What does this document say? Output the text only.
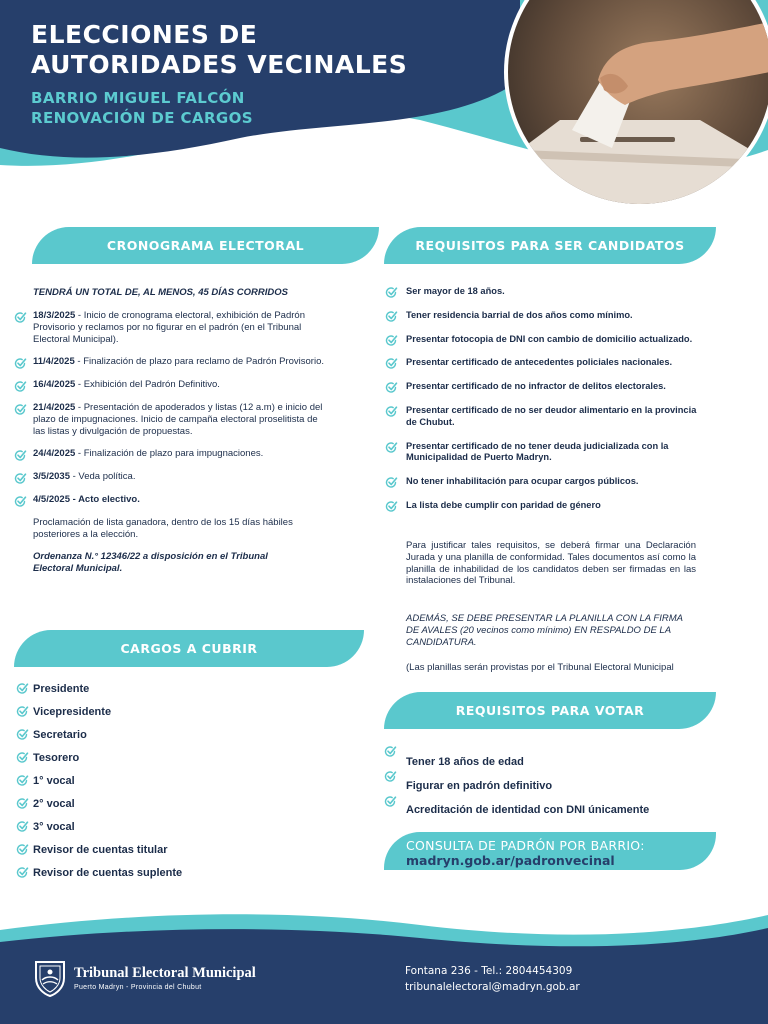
ELECCIONES DE
AUTORIDADES VECINALES
BARRIO MIGUEL FALCÓN
RENOVACIÓN DE CARGOS
CRONOGRAMA ELECTORAL
TENDRÁ UN TOTAL DE, AL MENOS, 45 DÍAS CORRIDOS
18/3/2025 - Inicio de cronograma electoral, exhibición de Padrón Provisorio y reclamos por no figurar en el padrón (en el Tribunal Electoral Municipal).
11/4/2025 - Finalización de plazo para reclamo de Padrón Provisorio.
16/4/2025 - Exhibición del Padrón Definitivo.
21/4/2025 - Presentación de apoderados y listas (12 a.m) e inicio del plazo de impugnaciones. Inicio de campaña electoral proselitista de las listas y divulgación de propuestas.
24/4/2025 - Finalización de plazo para impugnaciones.
3/5/2035 - Veda política.
4/5/2025 - Acto electivo.
Proclamación de lista ganadora, dentro de los 15 días hábiles posteriores a la elección.
Ordenanza N.° 12346/22 a disposición en el Tribunal Electoral Municipal.
CARGOS A CUBRIR
Presidente
Vicepresidente
Secretario
Tesorero
1° vocal
2° vocal
3° vocal
Revisor de cuentas titular
Revisor de cuentas suplente
REQUISITOS PARA SER CANDIDATOS
Ser mayor de 18 años.
Tener residencia barrial de dos años como mínimo.
Presentar fotocopia de DNI con cambio de domicilio actualizado.
Presentar certificado de antecedentes policiales nacionales.
Presentar certificado de no infractor de delitos electorales.
Presentar certificado de no ser deudor alimentario en la provincia de Chubut.
Presentar certificado de no tener deuda judicializada con la Municipalidad de Puerto Madryn.
No tener inhabilitación para ocupar cargos públicos.
La lista debe cumplir con paridad de género
Para justificar tales requisitos, se deberá firmar una Declaración Jurada y una planilla de conformidad. Tales documentos así como la planilla de inhabilidad de los candidatos deben ser firmadas en las instalaciones del Tribunal.
ADEMÁS, SE DEBE PRESENTAR LA PLANILLA CON LA FIRMA DE AVALES (20 vecinos como mínimo) EN RESPALDO DE LA CANDIDATURA.
(Las planillas serán provistas por el Tribunal Electoral Municipal
REQUISITOS PARA VOTAR
Tener 18 años de edad
Figurar en padrón definitivo
Acreditación de identidad con DNI únicamente
CONSULTA DE PADRÓN POR BARRIO:
madryn.gob.ar/padronvecinal
Tribunal Electoral Municipal
Puerto Madryn - Provincia del Chubut
Fontana 236 - Tel.: 2804454309
tribunalelectoral@madryn.gob.ar
